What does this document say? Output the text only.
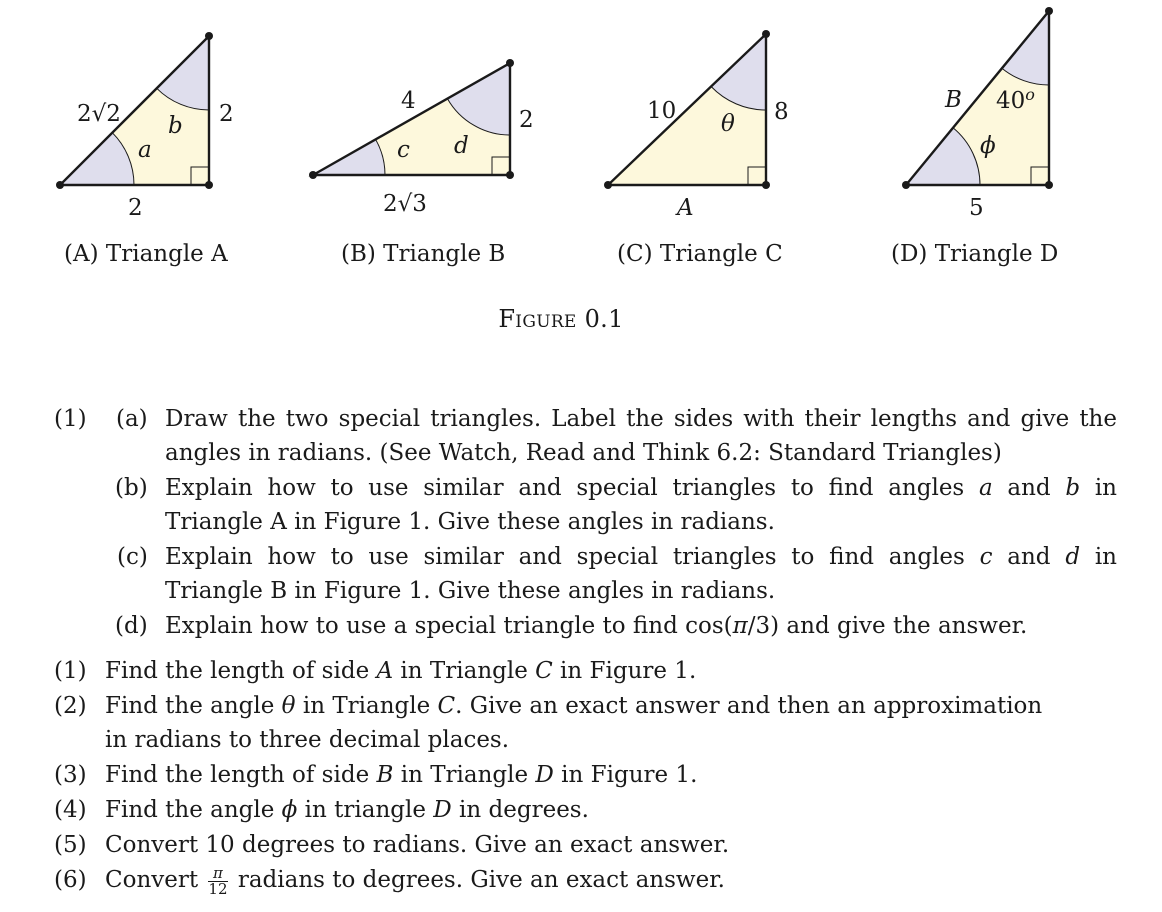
2√2	2
2
a
b
4
2
2√3
c d
10	8
A
θ
B 40$^o$
5
ϕ
(A) Triangle A	(B) Triangle B	(C) Triangle C	(D) Triangle D
Figure 0.1
(1) (a) Draw the two special triangles. Label the sides with their lengths and give the angles in radians. (See Watch, Read and Think 6.2: Standard Triangles)
(b) Explain how to use similar and special triangles to find angles a and b in Triangle A in Figure 1. Give these angles in radians.
(c) Explain how to use similar and special triangles to find angles c and d in Triangle B in Figure 1. Give these angles in radians.
(d) Explain how to use a special triangle to find cos(π/3) and give the answer.
(1) Find the length of side A in Triangle C in Figure 1.
(2) Find the angle θ in Triangle C. Give an exact answer and then an approximation
in radians to three decimal places.
(3) Find the length of side B in Triangle D in Figure 1.
(4) Find the angle ϕ in triangle D in degrees.
(5) Convert 10 degrees to radians. Give an exact answer.
(6) Convert $\frac{\pi}{12}$ radians to degrees. Give an exact answer.
